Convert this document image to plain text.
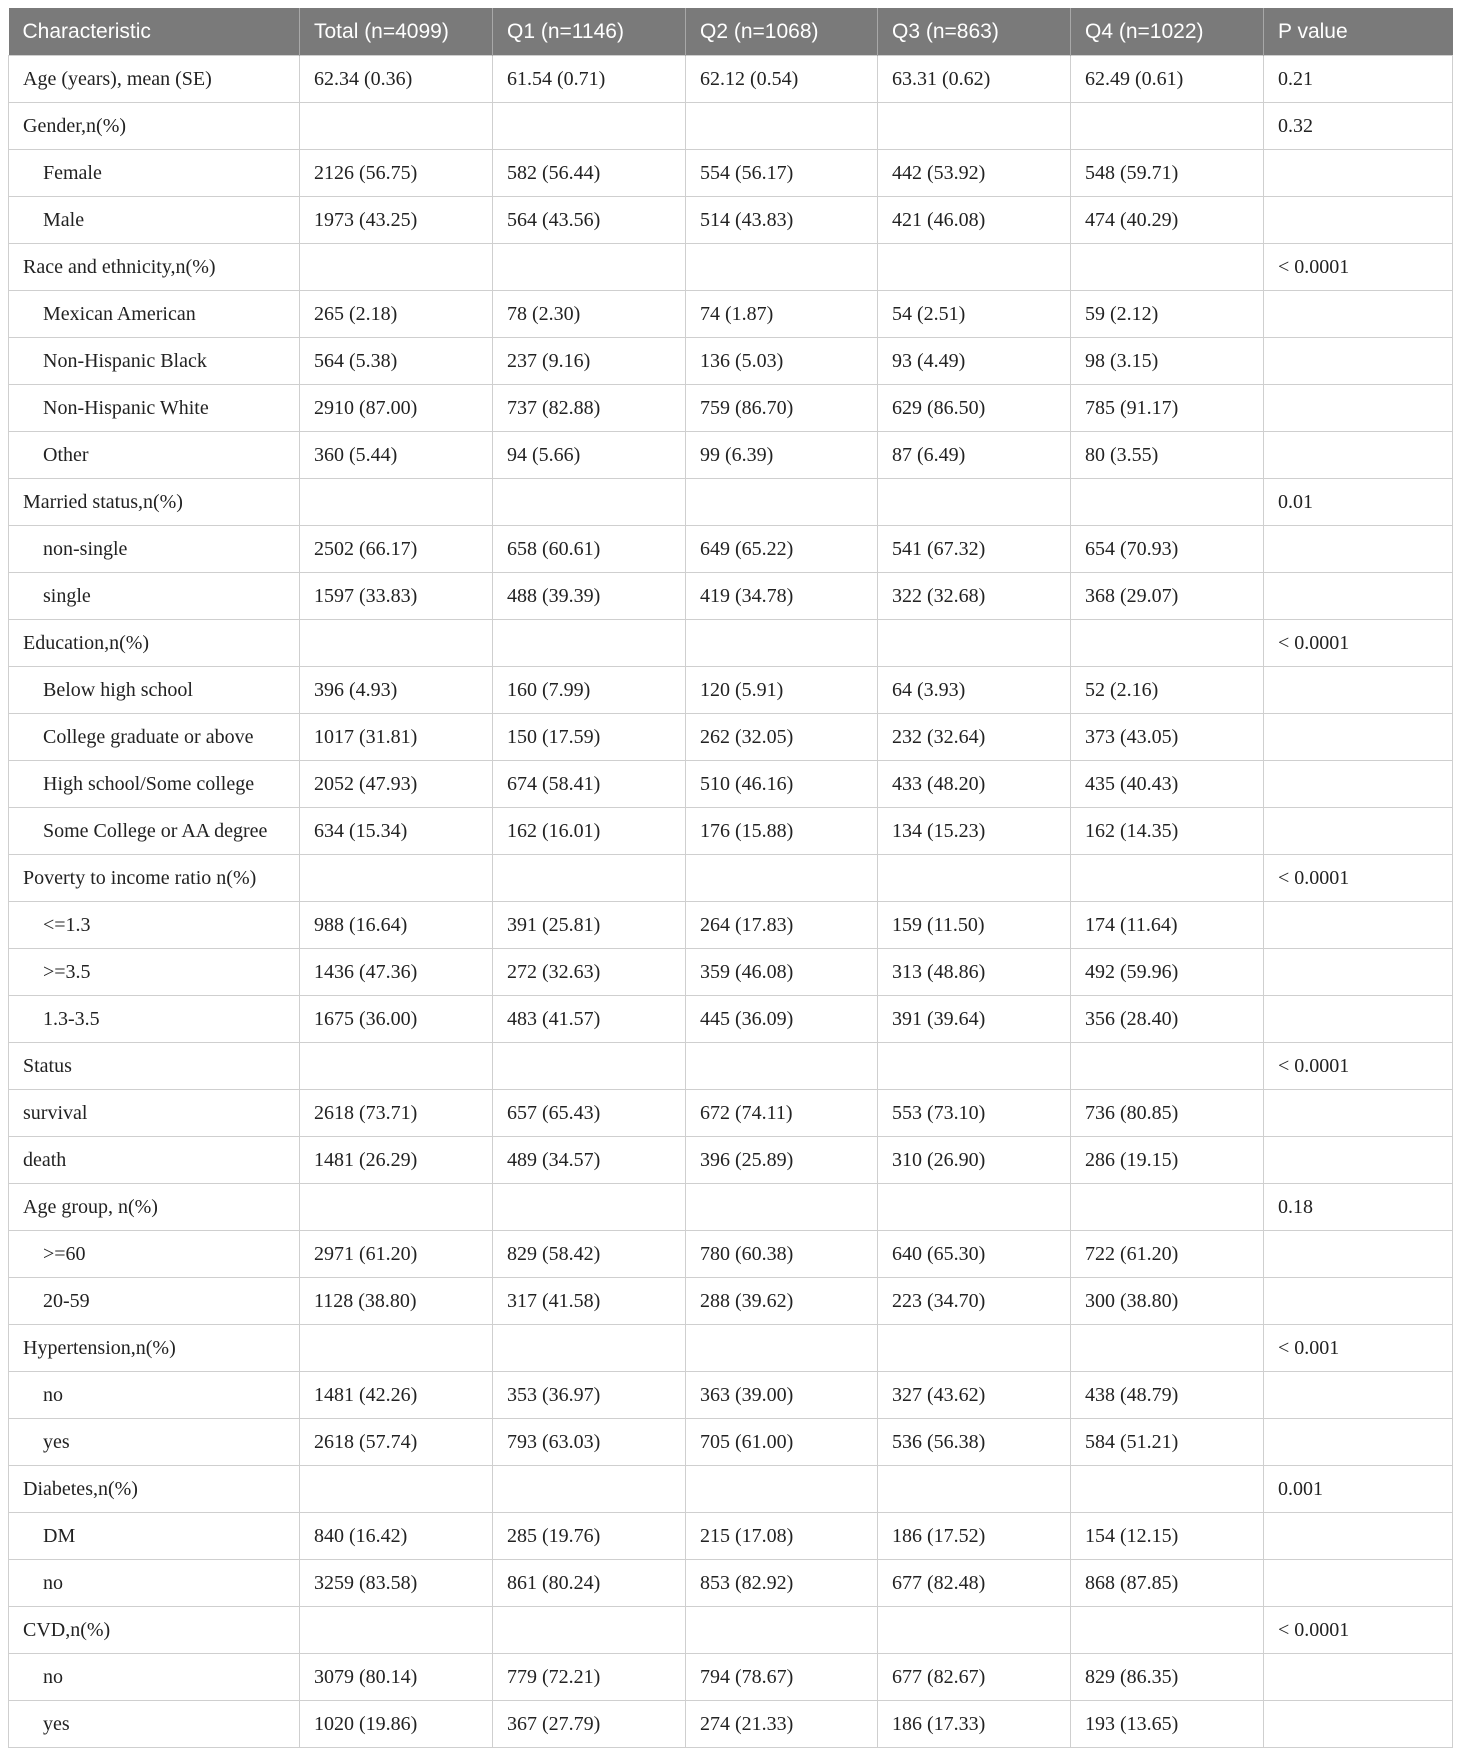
Characteristic	Total (n=4099)	Q1 (n=1146)	Q2 (n=1068)	Q3 (n=863)	Q4 (n=1022)	P value
Age (years), mean (SE)	62.34 (0.36)	61.54 (0.71)	62.12 (0.54)	63.31 (0.62)	62.49 (0.61)	0.21
Gender,n(%)						0.32
Female	2126 (56.75)	582 (56.44)	554 (56.17)	442 (53.92)	548 (59.71)	
Male	1973 (43.25)	564 (43.56)	514 (43.83)	421 (46.08)	474 (40.29)	
Race and ethnicity,n(%)						< 0.0001
Mexican American	265 (2.18)	78 (2.30)	74 (1.87)	54 (2.51)	59 (2.12)	
Non-Hispanic Black	564 (5.38)	237 (9.16)	136 (5.03)	93 (4.49)	98 (3.15)	
Non-Hispanic White	2910 (87.00)	737 (82.88)	759 (86.70)	629 (86.50)	785 (91.17)	
Other	360 (5.44)	94 (5.66)	99 (6.39)	87 (6.49)	80 (3.55)	
Married status,n(%)						0.01
non-single	2502 (66.17)	658 (60.61)	649 (65.22)	541 (67.32)	654 (70.93)	
single	1597 (33.83)	488 (39.39)	419 (34.78)	322 (32.68)	368 (29.07)	
Education,n(%)						< 0.0001
Below high school	396 (4.93)	160 (7.99)	120 (5.91)	64 (3.93)	52 (2.16)	
College graduate or above	1017 (31.81)	150 (17.59)	262 (32.05)	232 (32.64)	373 (43.05)	
High school/Some college	2052 (47.93)	674 (58.41)	510 (46.16)	433 (48.20)	435 (40.43)	
Some College or AA degree	634 (15.34)	162 (16.01)	176 (15.88)	134 (15.23)	162 (14.35)	
Poverty to income ratio n(%)						< 0.0001
<=1.3	988 (16.64)	391 (25.81)	264 (17.83)	159 (11.50)	174 (11.64)	
>=3.5	1436 (47.36)	272 (32.63)	359 (46.08)	313 (48.86)	492 (59.96)	
1.3-3.5	1675 (36.00)	483 (41.57)	445 (36.09)	391 (39.64)	356 (28.40)	
Status						< 0.0001
survival	2618 (73.71)	657 (65.43)	672 (74.11)	553 (73.10)	736 (80.85)	
death	1481 (26.29)	489 (34.57)	396 (25.89)	310 (26.90)	286 (19.15)	
Age group, n(%)						0.18
>=60	2971 (61.20)	829 (58.42)	780 (60.38)	640 (65.30)	722 (61.20)	
20-59	1128 (38.80)	317 (41.58)	288 (39.62)	223 (34.70)	300 (38.80)	
Hypertension,n(%)						< 0.001
no	1481 (42.26)	353 (36.97)	363 (39.00)	327 (43.62)	438 (48.79)	
yes	2618 (57.74)	793 (63.03)	705 (61.00)	536 (56.38)	584 (51.21)	
Diabetes,n(%)						0.001
DM	840 (16.42)	285 (19.76)	215 (17.08)	186 (17.52)	154 (12.15)	
no	3259 (83.58)	861 (80.24)	853 (82.92)	677 (82.48)	868 (87.85)	
CVD,n(%)						< 0.0001
no	3079 (80.14)	779 (72.21)	794 (78.67)	677 (82.67)	829 (86.35)	
yes	1020 (19.86)	367 (27.79)	274 (21.33)	186 (17.33)	193 (13.65)	
